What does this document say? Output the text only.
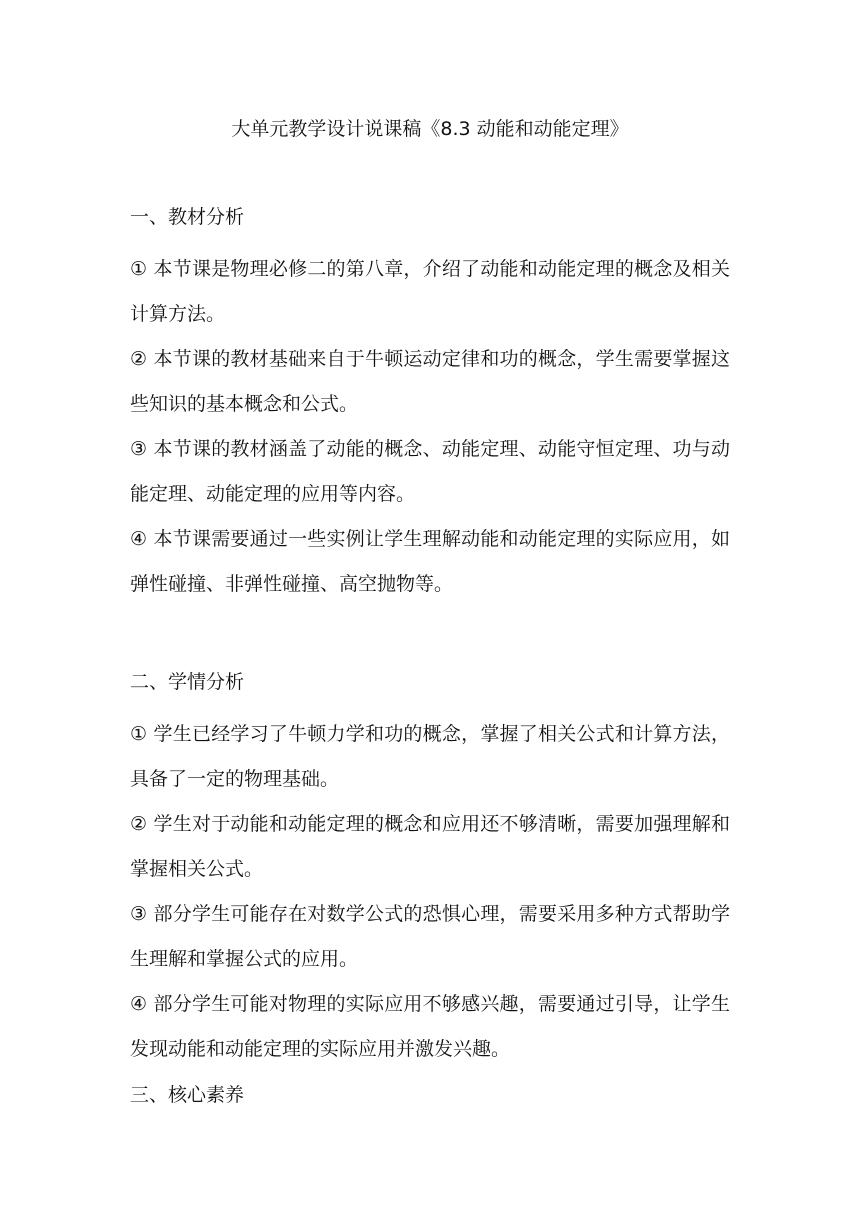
大单元教学设计说课稿《8.3 动能和动能定理》
一、教材分析
① 本节课是物理必修二的第八章，介绍了动能和动能定理的概念及相关计算方法。
② 本节课的教材基础来自于牛顿运动定律和功的概念，学生需要掌握这些知识的基本概念和公式。
③ 本节课的教材涵盖了动能的概念、动能定理、动能守恒定理、功与动能定理、动能定理的应用等内容。
④ 本节课需要通过一些实例让学生理解动能和动能定理的实际应用，如弹性碰撞、非弹性碰撞、高空抛物等。
二、学情分析
① 学生已经学习了牛顿力学和功的概念，掌握了相关公式和计算方法，具备了一定的物理基础。
② 学生对于动能和动能定理的概念和应用还不够清晰，需要加强理解和掌握相关公式。
③ 部分学生可能存在对数学公式的恐惧心理，需要采用多种方式帮助学生理解和掌握公式的应用。
④ 部分学生可能对物理的实际应用不够感兴趣，需要通过引导，让学生发现动能和动能定理的实际应用并激发兴趣。
三、核心素养
